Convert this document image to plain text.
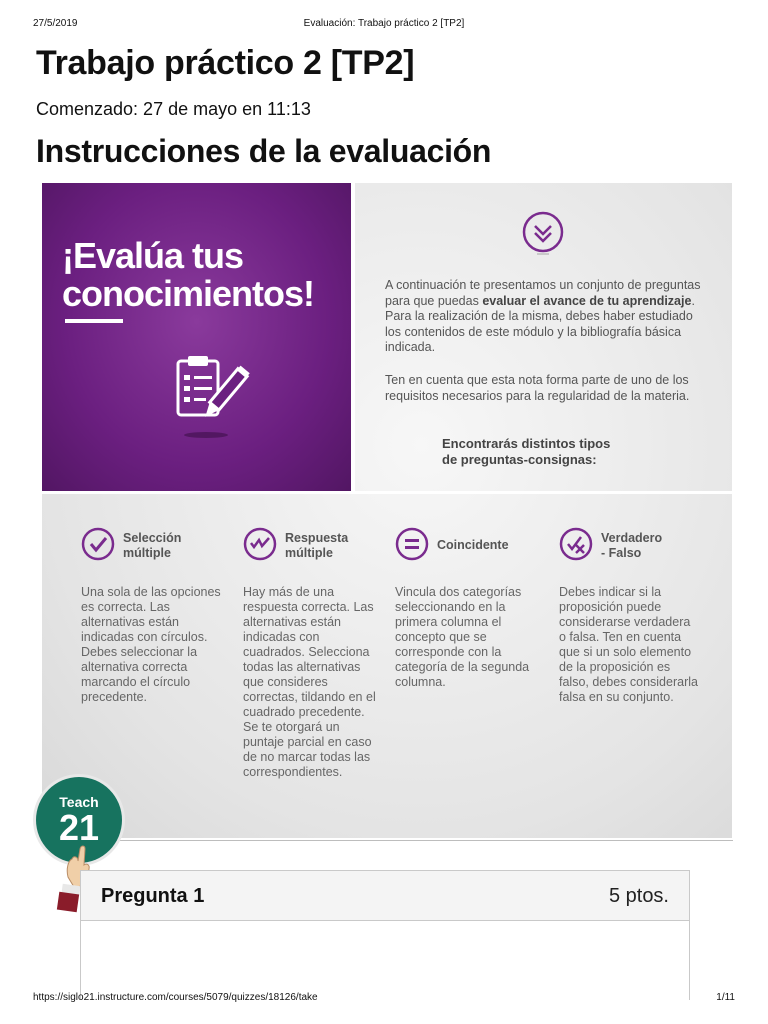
27/5/2019	Evaluación: Trabajo práctico 2 [TP2]
Trabajo práctico 2 [TP2]
Comenzado: 27 de mayo en 11:13
Instrucciones de la evaluación
¡Evalúa tus
conocimientos!	A continuación te presentamos un conjunto de preguntas para que puedas evaluar el avance de tu aprendizaje. Para la realización de la misma, debes haber estudiado los contenidos de este módulo y la bibliografía básica indicada.

Ten en cuenta que esta nota forma parte de uno de los requisitos necesarios para la regularidad de la materia.

Encontrarás distintos tipos
de preguntas-consignas:
Selección
múltiple
Una sola de las opciones es correcta. Las alternativas están indicadas con círculos. Debes seleccionar la alternativa correcta marcando el círculo precedente.
Respuesta
múltiple
Hay más de una respuesta correcta. Las alternativas están indicadas con cuadrados. Selecciona todas las alternativas que consideres correctas, tildando en el cuadrado precedente. Se te otorgará un puntaje parcial en caso de no marcar todas las correspondientes.
Coincidente
Vincula dos categorías seleccionando en la primera columna el concepto que se corresponde con la categoría de la segunda columna.
Verdadero
- Falso
Debes indicar si la proposición puede considerarse verdadera o falsa. Ten en cuenta que si un solo elemento de la proposición es falso, debes considerarla falsa en su conjunto.
Teach
21
Pregunta 1	5 ptos.
https://siglo21.instructure.com/courses/5079/quizzes/18126/take	1/11
